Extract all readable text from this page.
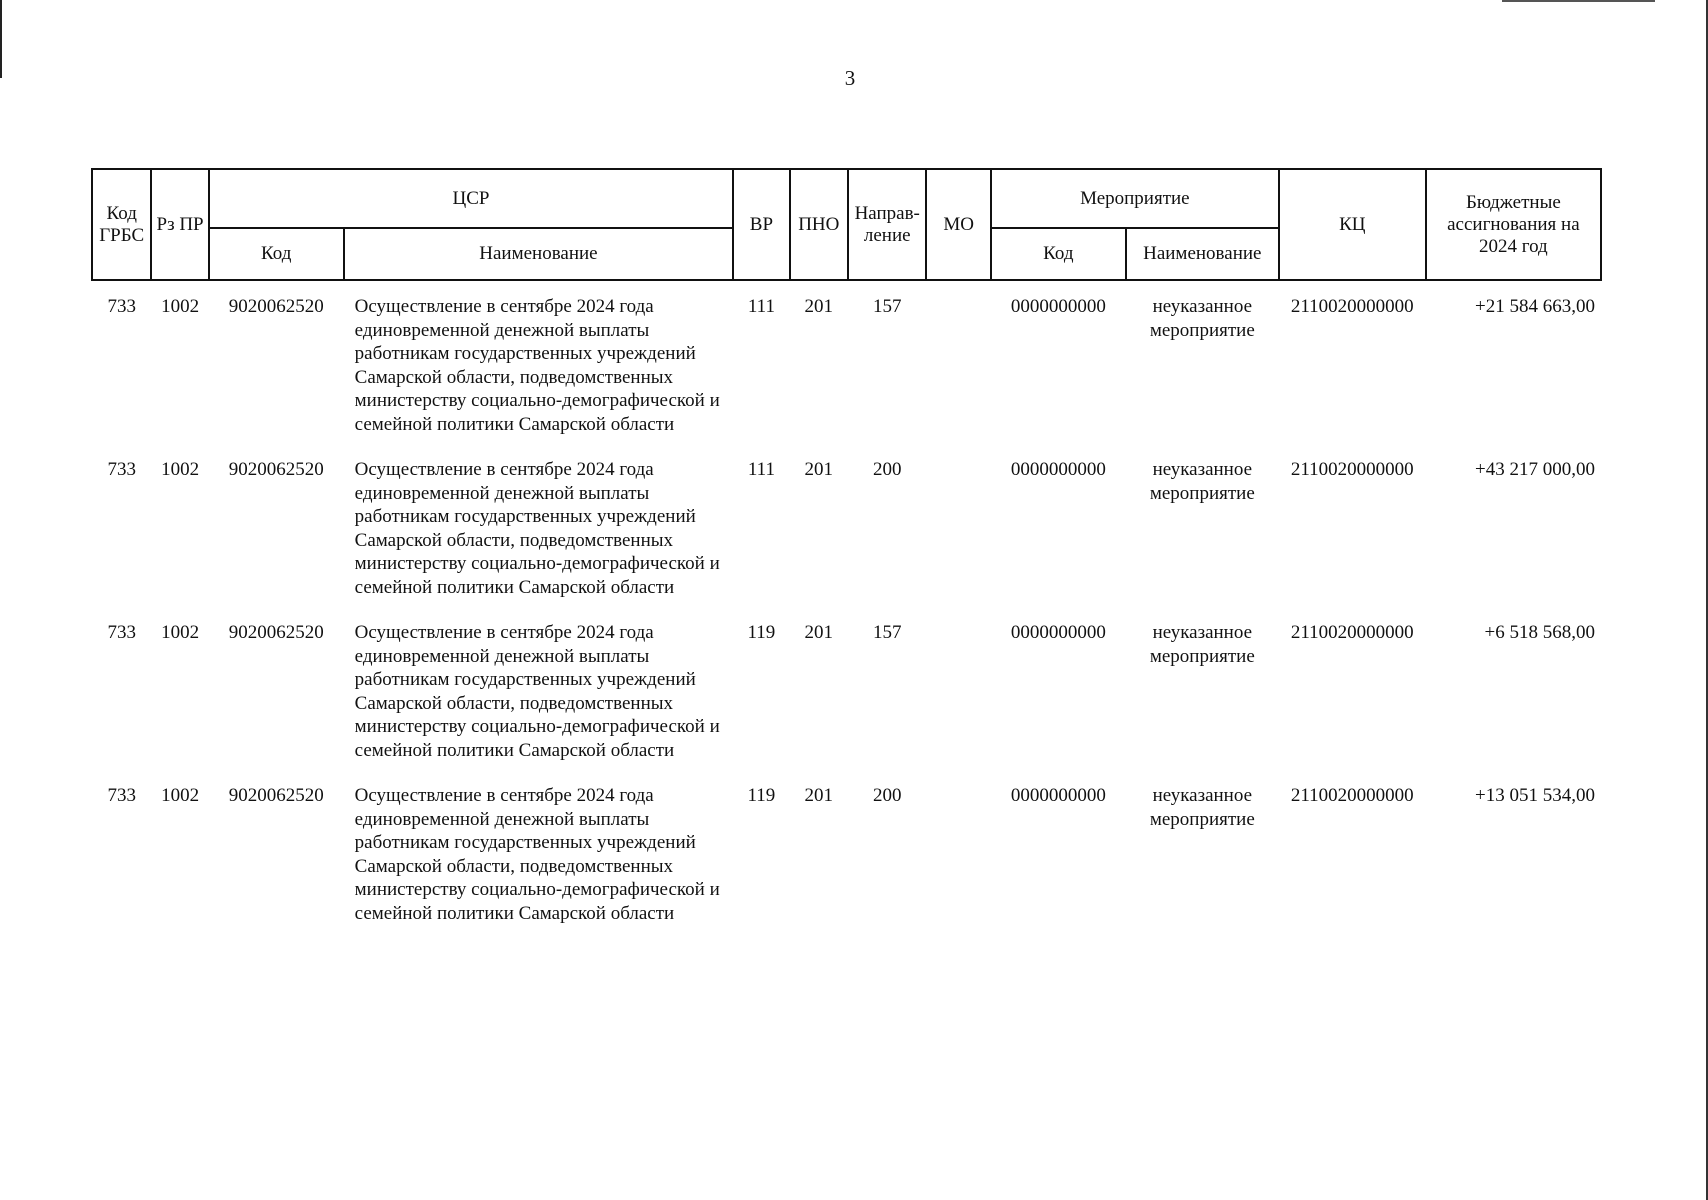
3
Код ГРБС	Рз ПР	ЦСР		ВР	ПНО	Направ-ление	МО	Мероприятие		КЦ	Бюджетные ассигнования на 2024 год
		Код	Наименование					Код	Наименование		
733	1002	9020062520	Осуществление в сентябре 2024 года единовременной денежной выплаты работникам государственных учреждений Самарской области, подведомственных министерству социально-демографической и семейной политики Самарской области	111	201	157		0000000000	неуказанное мероприятие	2110020000000	+21 584 663,00
733	1002	9020062520	Осуществление в сентябре 2024 года единовременной денежной выплаты работникам государственных учреждений Самарской области, подведомственных министерству социально-демографической и семейной политики Самарской области	111	201	200		0000000000	неуказанное мероприятие	2110020000000	+43 217 000,00
733	1002	9020062520	Осуществление в сентябре 2024 года единовременной денежной выплаты работникам государственных учреждений Самарской области, подведомственных министерству социально-демографической и семейной политики Самарской области	119	201	157		0000000000	неуказанное мероприятие	2110020000000	+6 518 568,00
733	1002	9020062520	Осуществление в сентябре 2024 года единовременной денежной выплаты работникам государственных учреждений Самарской области, подведомственных министерству социально-демографической и семейной политики Самарской области	119	201	200		0000000000	неуказанное мероприятие	2110020000000	+13 051 534,00
